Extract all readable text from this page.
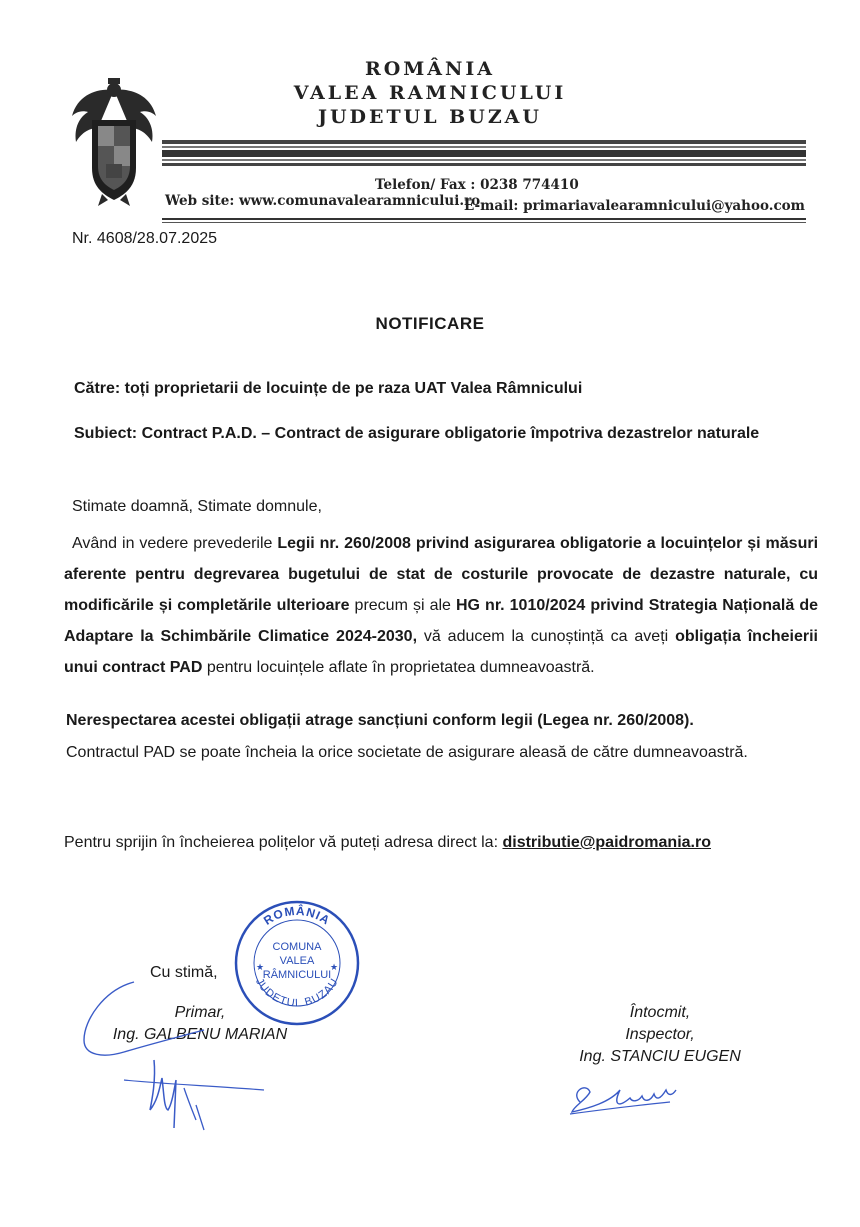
ROMÂNIA
VALEA RAMNICULUI
JUDETUL BUZAU
Telefon/ Fax : 0238 774410
Web site: www.comunavalearamnicului.ro
E-mail: primariavalearamnicului@yahoo.com
Nr. 4608/28.07.2025
NOTIFICARE
Către: toți proprietarii de locuințe de pe raza UAT Valea Râmnicului
Subiect: Contract P.A.D. – Contract de asigurare obligatorie împotriva dezastrelor naturale
Stimate doamnă, Stimate domnule,
Având in vedere prevederile Legii nr. 260/2008 privind asigurarea obligatorie a locuințelor și măsuri aferente pentru degrevarea bugetului de stat de costurile provocate de dezastre naturale, cu modificările și completările ulterioare precum și ale HG nr. 1010/2024 privind Strategia Națională de Adaptare la Schimbările Climatice 2024-2030, vă aducem la cunoștință ca aveți obligația încheierii unui contract PAD pentru locuințele aflate în proprietatea dumneavoastră.
Nerespectarea acestei obligații atrage sancțiuni conform legii (Legea nr. 260/2008).
Contractul PAD se poate încheia la orice societate de asigurare aleasă de către dumneavoastră.
Pentru sprijin în încheierea polițelor vă puteți adresa direct la: distributie@paidromania.ro
ROMÂNIA
JUDETUL BUZAU
COMUNA
VALEA
RÂMNICULUI
★	★
Cu stimă,
Primar,
Ing. GALBENU MARIAN
Întocmit,
Inspector,
Ing. STANCIU EUGEN
